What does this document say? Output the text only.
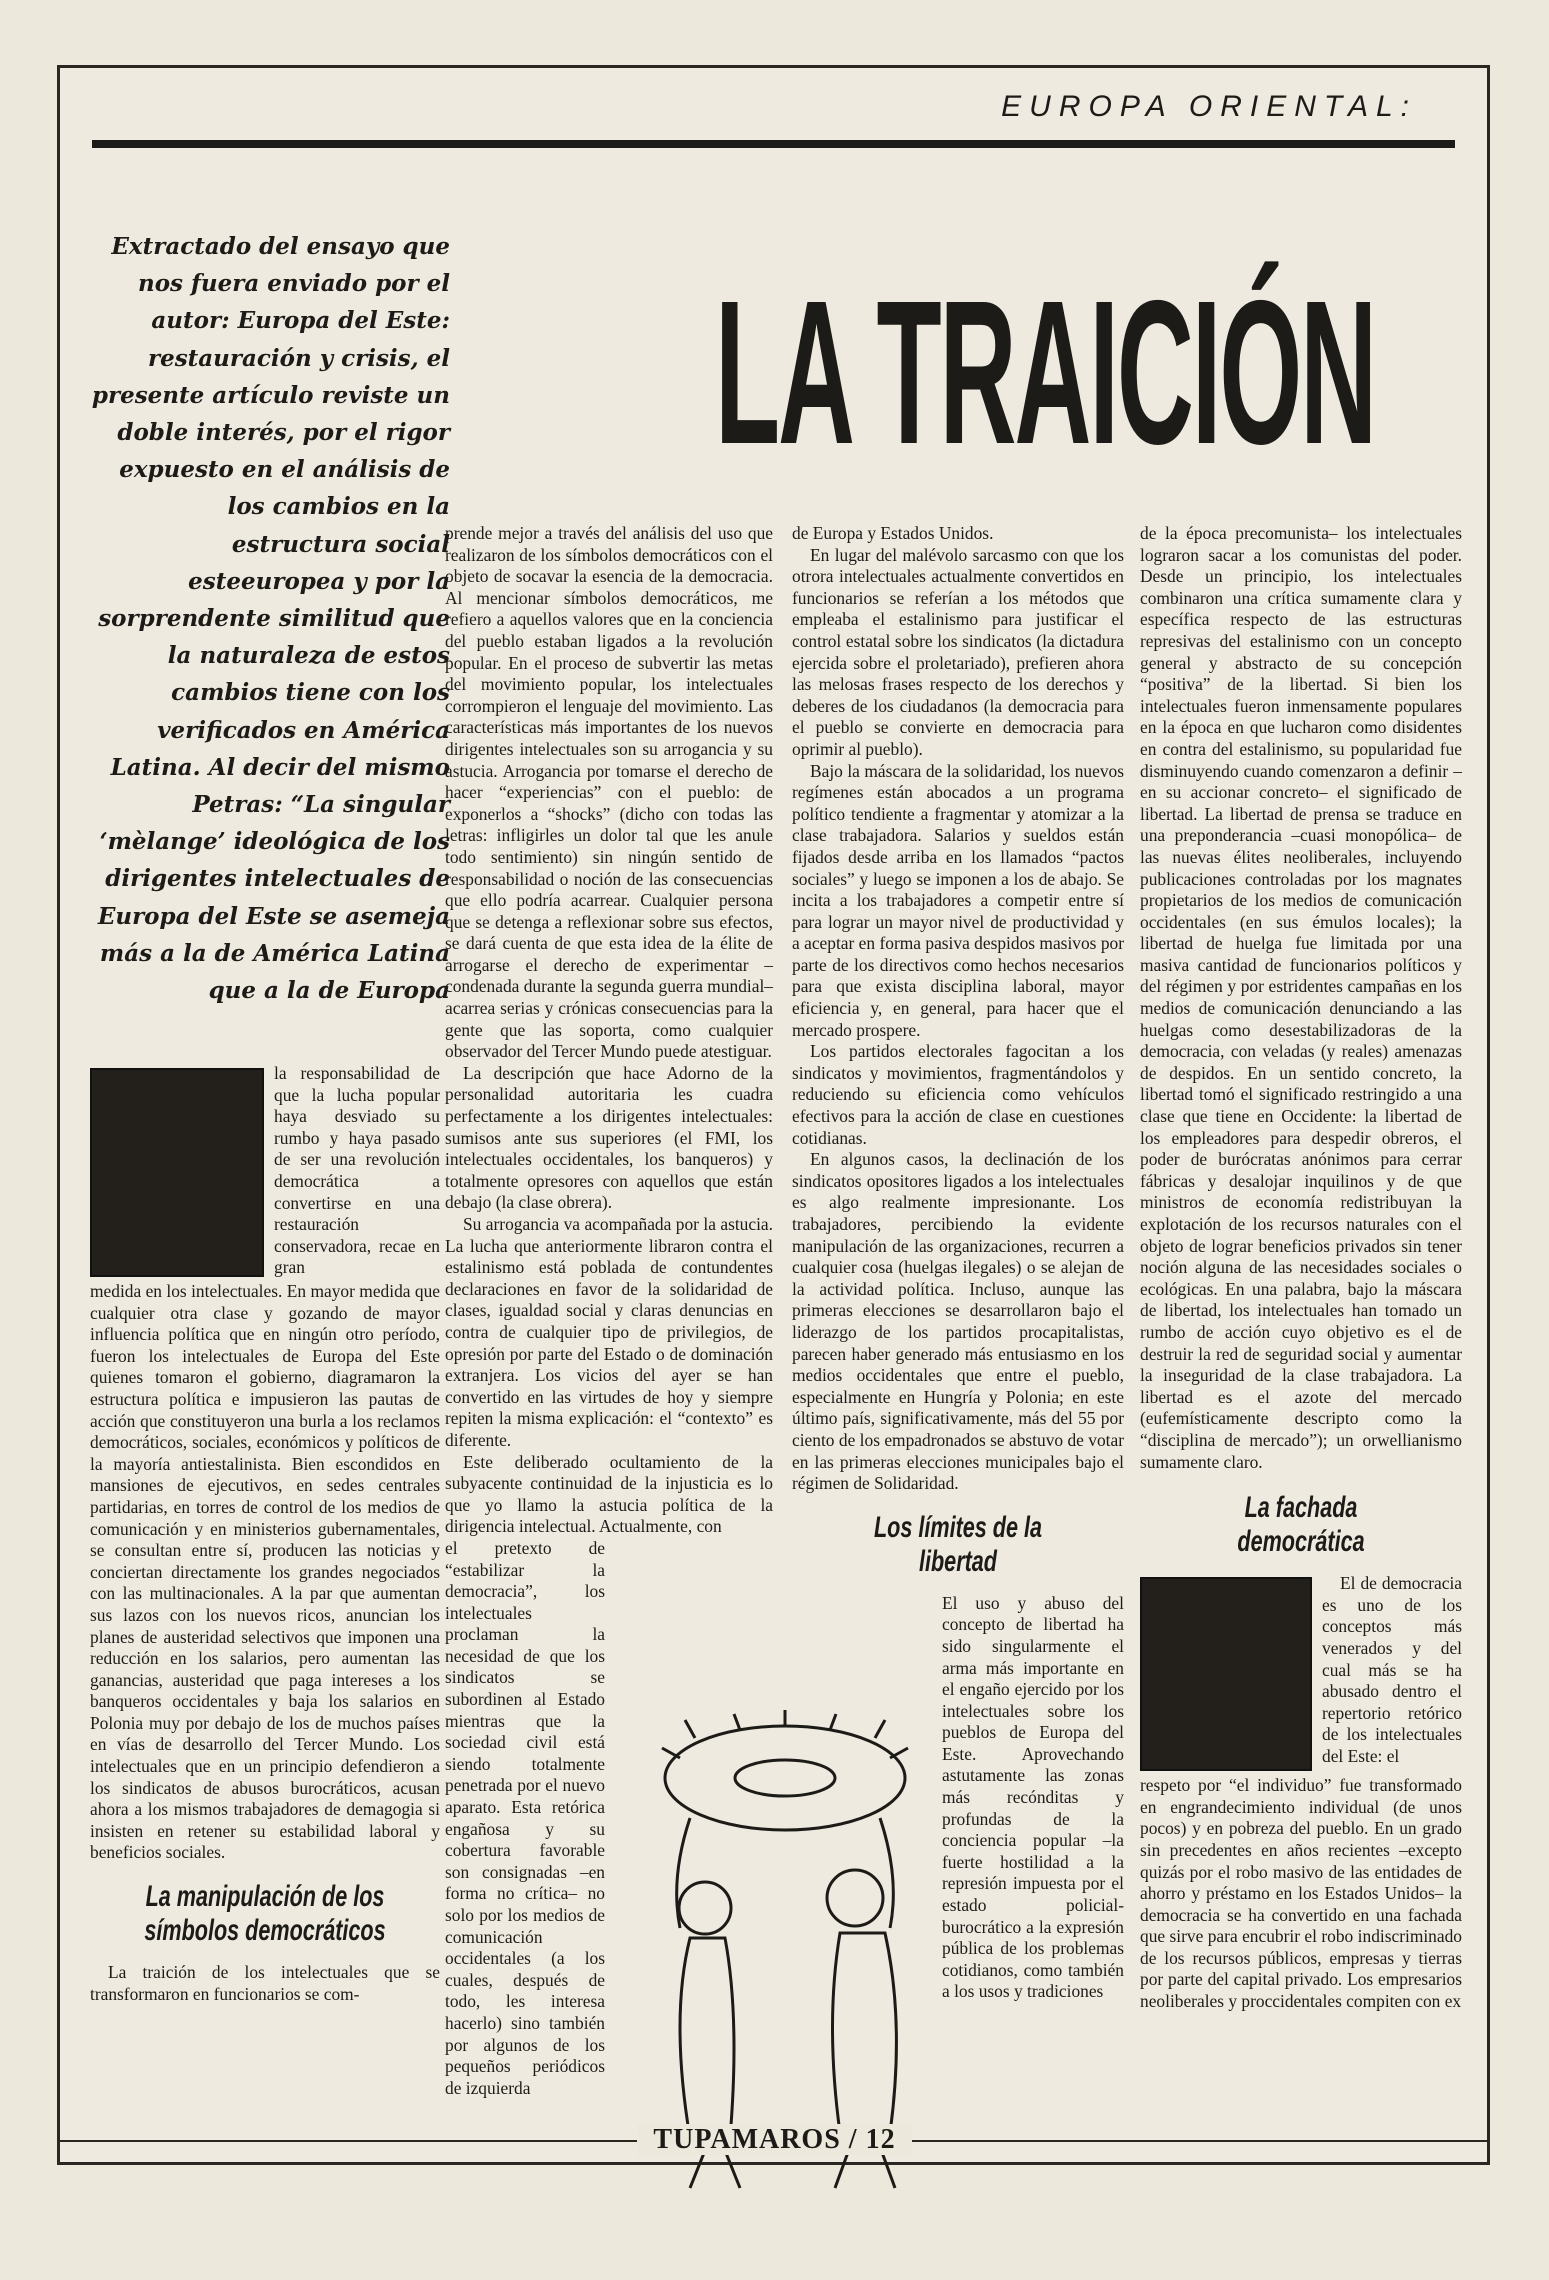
EUROPA ORIENTAL:
Extractado del ensayo que nos fuera enviado por el autor: Europa del Este: restauración y crisis, el presente artículo reviste un doble interés, por el rigor expuesto en el análisis de los cambios en la estructura social esteeuropea y por la sorprendente similitud que la naturaleza de estos cambios tiene con los verificados en América Latina. Al decir del mismo Petras: “La singular ‘mèlange’ ideológica de los dirigentes intelectuales de Europa del Este se asemeja más a la de América Latina que a la de Europa
LA TRAICIÓN

la responsabilidad de que la lucha popular haya desviado su rumbo y haya pasado de ser una revolución democrática a convertirse en una restauración conservadora, recae en gran

medida en los intelectuales. En mayor medida que cualquier otra clase y gozando de mayor influencia política que en ningún otro período, fueron los intelectuales de Europa del Este quienes tomaron el gobierno, diagramaron la estructura política e impusieron las pautas de acción que constituyeron una burla a los reclamos democráticos, sociales, económicos y políticos de la mayoría antiestalinista. Bien escondidos en mansiones de ejecutivos, en sedes centrales partidarias, en torres de control de los medios de comunicación y en ministerios gubernamentales, se consultan entre sí, producen las noticias y conciertan directamente los grandes negociados con las multinacionales. A la par que aumentan sus lazos con los nuevos ricos, anuncian los planes de austeridad selectivos que imponen una reducción en los salarios, pero aumentan las ganancias, austeridad que paga intereses a los banqueros occidentales y baja los salarios en Polonia muy por debajo de los de muchos países en vías de desarrollo del Tercer Mundo. Los intelectuales que en un principio defendieron a los sindicatos de abusos burocráticos, acusan ahora a los mismos trabajadores de demagogia si insisten en retener su estabilidad laboral y beneficios sociales.

La manipulación de los símbolos democráticos

La traición de los intelectuales que se transformaron en funcionarios se com-

prende mejor a través del análisis del uso que realizaron de los símbolos democráticos con el objeto de socavar la esencia de la democracia. Al mencionar símbolos democráticos, me refiero a aquellos valores que en la conciencia del pueblo estaban ligados a la revolución popular. En el proceso de subvertir las metas del movimiento popular, los intelectuales corrompieron el lenguaje del movimiento. Las características más importantes de los nuevos dirigentes intelectuales son su arrogancia y su astucia. Arrogancia por tomarse el derecho de hacer “experiencias” con el pueblo: de exponerlos a “shocks” (dicho con todas las letras: infligirles un dolor tal que les anule todo sentimiento) sin ningún sentido de responsabilidad o noción de las consecuencias que ello podría acarrear. Cualquier persona que se detenga a reflexionar sobre sus efectos, se dará cuenta de que esta idea de la élite de arrogarse el derecho de experimentar –condenada durante la segunda guerra mundial– acarrea serias y crónicas consecuencias para la gente que las soporta, como cualquier observador del Tercer Mundo puede atestiguar.

La descripción que hace Adorno de la personalidad autoritaria les cuadra perfectamente a los dirigentes intelectuales: sumisos ante sus superiores (el FMI, los intelectuales occidentales, los banqueros) y totalmente opresores con aquellos que están debajo (la clase obrera).

Su arrogancia va acompañada por la astucia. La lucha que anteriormente libraron contra el estalinismo está poblada de contundentes declaraciones en favor de la solidaridad de clases, igualdad social y claras denuncias en contra de cualquier tipo de privilegios, de opresión por parte del Estado o de dominación extranjera. Los vicios del ayer se han convertido en las virtudes de hoy y siempre repiten la misma explicación: el “contexto” es diferente.

Este deliberado ocultamiento de la subyacente continuidad de la injusticia es lo que yo llamo la astucia política de la dirigencia intelectual. Actualmente, con

el pretexto de “estabilizar la democracia”, los intelectuales proclaman la necesidad de que los sindicatos se subordinen al Estado mientras que la sociedad civil está siendo totalmente penetrada por el nuevo aparato. Esta retórica engañosa y su cobertura favorable son consignadas –en forma no crítica– no solo por los medios de comunicación occidentales (a los cuales, después de todo, les interesa hacerlo) sino también por algunos de los pequeños periódicos de izquierda

de Europa y Estados Unidos.

En lugar del malévolo sarcasmo con que los otrora intelectuales actualmente convertidos en funcionarios se referían a los métodos que empleaba el estalinismo para justificar el control estatal sobre los sindicatos (la dictadura ejercida sobre el proletariado), prefieren ahora las melosas frases respecto de los derechos y deberes de los ciudadanos (la democracia para el pueblo se convierte en democracia para oprimir al pueblo).

Bajo la máscara de la solidaridad, los nuevos regímenes están abocados a un programa político tendiente a fragmentar y atomizar a la clase trabajadora. Salarios y sueldos están fijados desde arriba en los llamados “pactos sociales” y luego se imponen a los de abajo. Se incita a los trabajadores a competir entre sí para lograr un mayor nivel de productividad y a aceptar en forma pasiva despidos masivos por parte de los directivos como hechos necesarios para que exista disciplina laboral, mayor eficiencia y, en general, para hacer que el mercado prospere.

Los partidos electorales fagocitan a los sindicatos y movimientos, fragmentándolos y reduciendo su eficiencia como vehículos efectivos para la acción de clase en cuestiones cotidianas.

En algunos casos, la declinación de los sindicatos opositores ligados a los intelectuales es algo realmente impresionante. Los trabajadores, percibiendo la evidente manipulación de las organizaciones, recurren a cualquier cosa (huelgas ilegales) o se alejan de la actividad política. Incluso, aunque las primeras elecciones se desarrollaron bajo el liderazgo de los partidos procapitalistas, parecen haber generado más entusiasmo en los medios occidentales que entre el pueblo, especialmente en Hungría y Polonia; en este último país, significativamente, más del 55 por ciento de los empadronados se abstuvo de votar en las primeras elecciones municipales bajo el régimen de Solidaridad.

Los límites de la libertad

El uso y abuso del concepto de libertad ha sido singularmente el arma más importante en el engaño ejercido por los intelectuales sobre los pueblos de Europa del Este. Aprovechando astutamente las zonas más recónditas y profundas de la conciencia popular –la fuerte hostilidad a la represión impuesta por el estado policial-burocrático a la expresión pública de los problemas cotidianos, como también a los usos y tradiciones

de la época precomunista– los intelectuales lograron sacar a los comunistas del poder. Desde un principio, los intelectuales combinaron una crítica sumamente clara y específica respecto de las estructuras represivas del estalinismo con un concepto general y abstracto de su concepción “positiva” de la libertad. Si bien los intelectuales fueron inmensamente populares en la época en que lucharon como disidentes en contra del estalinismo, su popularidad fue disminuyendo cuando comenzaron a definir –en su accionar concreto– el significado de libertad. La libertad de prensa se traduce en una preponderancia –cuasi monopólica– de las nuevas élites neoliberales, incluyendo publicaciones controladas por los magnates propietarios de los medios de comunicación occidentales (en sus émulos locales); la libertad de huelga fue limitada por una masiva cantidad de funcionarios políticos y del régimen y por estridentes campañas en los medios de comunicación denunciando a las huelgas como desestabilizadoras de la democracia, con veladas (y reales) amenazas de despidos. En un sentido concreto, la libertad tomó el significado restringido a una clase que tiene en Occidente: la libertad de los empleadores para despedir obreros, el poder de burócratas anónimos para cerrar fábricas y desalojar inquilinos y de que ministros de economía redistribuyan la explotación de los recursos naturales con el objeto de lograr beneficios privados sin tener noción alguna de las necesidades sociales o ecológicas. En una palabra, bajo la máscara de libertad, los intelectuales han tomado un rumbo de acción cuyo objetivo es el de destruir la red de seguridad social y aumentar la inseguridad de la clase trabajadora. La libertad es el azote del mercado (eufemísticamente descripto como la “disciplina de mercado”); un orwellianismo sumamente claro.

La fachada democrática

El de democracia es uno de los conceptos más venerados y del cual más se ha abusado dentro el repertorio retórico de los intelectuales del Este: el

respeto por “el individuo” fue transformado en engrandecimiento individual (de unos pocos) y en pobreza del pueblo. En un grado sin precedentes en años recientes –excepto quizás por el robo masivo de las entidades de ahorro y préstamo en los Estados Unidos– la democracia se ha convertido en una fachada que sirve para encubrir el robo indiscriminado de los recursos públicos, empresas y tierras por parte del capital privado. Los empresarios neoliberales y proccidentales compiten con ex

TUPAMAROS / 12
